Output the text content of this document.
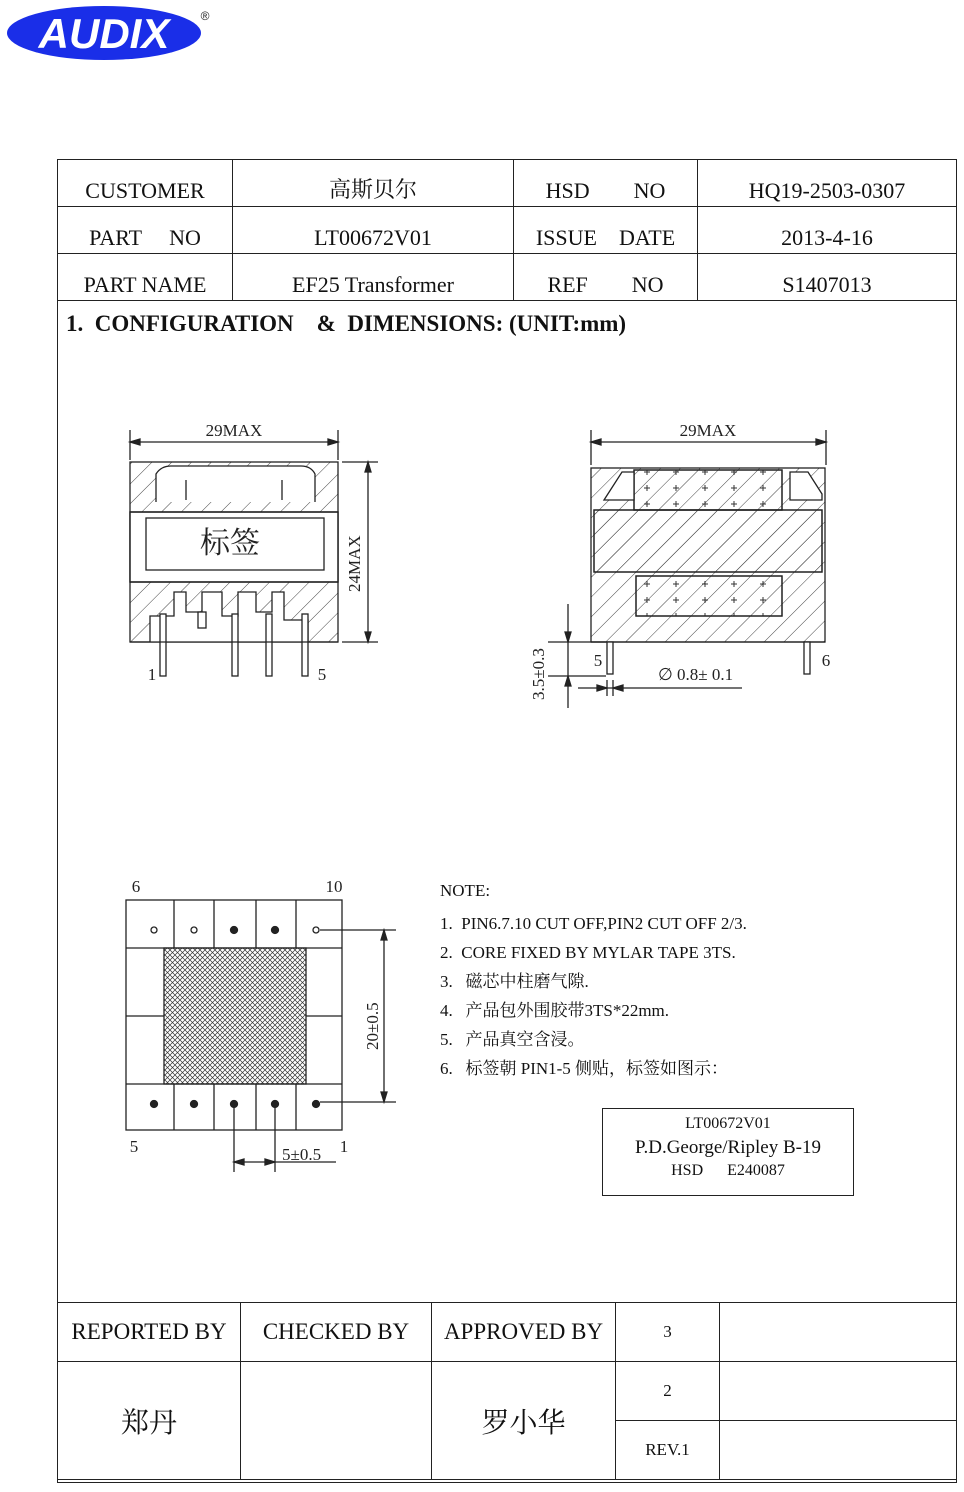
AUDIX	®
CUSTOMER	高斯贝尔	HSD        NO	HQ19-2503-0307
PART     NO	LT00672V01	ISSUE    DATE	2013-4-16
PART NAME	EF25 Transformer	REF        NO	S1407013
1.  CONFIGURATION    &  DIMENSIONS: (UNIT:mm)
29MAX
标签
1	5
24MAX
29MAX
5	6
3.5±0.3	∅ 0.8± 0.1
6	10
5	1
20±0.5
5±0.5
NOTE:
1.  PIN6.7.10 CUT OFF,PIN2 CUT OFF 2/3.
2.  CORE FIXED BY MYLAR TAPE 3TS.
3.   磁芯中柱磨气隙.
4.   产品包外围胶带3TS*22mm.
5.   产品真空含浸。
6.   标签朝 PIN1-5 侧贴，标签如图示：
LT00672V01
P.D.George/Ripley B-19
HSD      E240087
REPORTED BY	CHECKED BY	APPROVED BY	3	
郑丹		罗小华	2	
			REV.1	
